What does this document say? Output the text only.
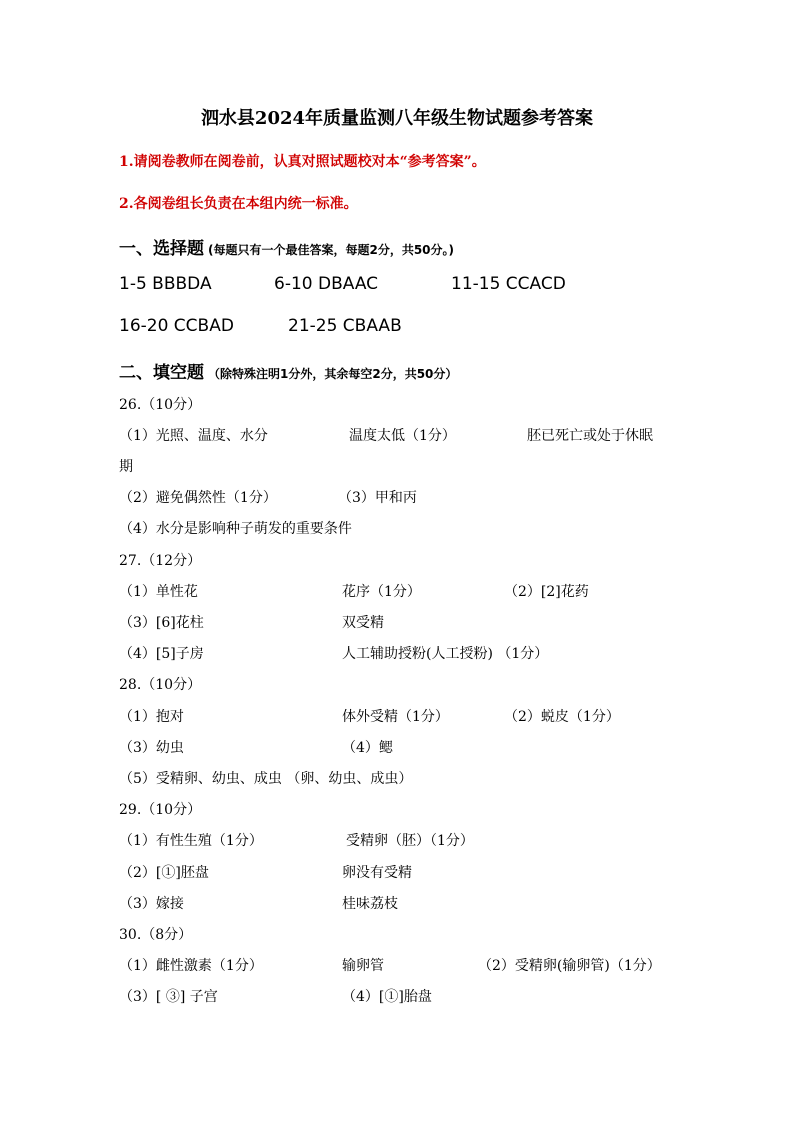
泗水县2024年质量监测八年级生物试题参考答案
1.请阅卷教师在阅卷前，认真对照试题校对本“参考答案”。
2.各阅卷组长负责在本组内统一标准。
一、选择题 (每题只有一个最佳答案，每题2分，共50分。)
1-5 BBBDA	6-10 DBAAC	11-15 CCACD
16-20 CCBAD	21-25 CBAAB
二、填空题 （除特殊注明1分外，其余每空2分，共50分）
26.（10分）
（1）光照、温度、水分	温度太低（1分）	胚已死亡或处于休眠
期
（2）避免偶然性（1分）	（3）甲和丙
（4）水分是影响种子萌发的重要条件
27.（12分）
（1）单性花	花序（1分）	（2）[2]花药
（3）[6]花柱	双受精
（4）[5]子房	人工辅助授粉(人工授粉) （1分）
28.（10分）
（1）抱对	体外受精（1分）	（2）蜕皮（1分）
（3）幼虫	（4）鳃
（5）受精卵、幼虫、成虫 （卵、幼虫、成虫）
29.（10分）
（1）有性生殖（1分）	受精卵（胚）（1分）
（2）[①]胚盘	卵没有受精
（3）嫁接	桂味荔枝
30.（8分）
（1）雌性激素（1分）	输卵管	（2）受精卵(输卵管)（1分）
（3）[ ③] 子宫	（4）[①]胎盘
